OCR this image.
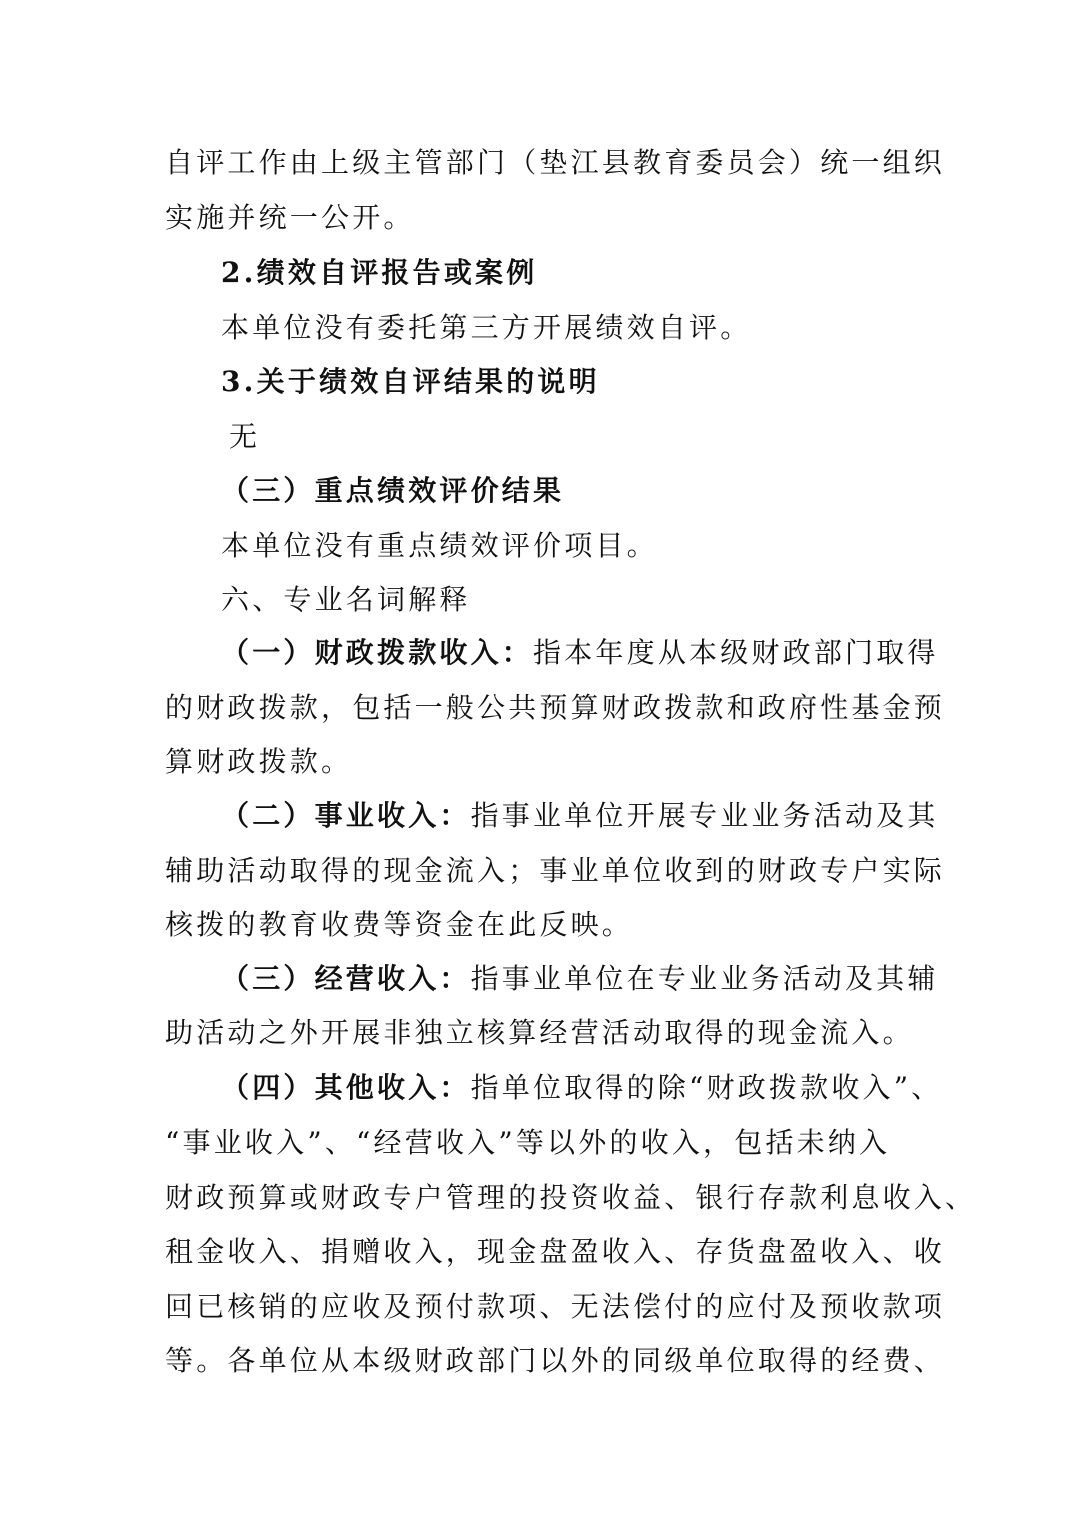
自评工作由上级主管部门（垫江县教育委员会）统一组织
实施并统一公开。
2.绩效自评报告或案例
本单位没有委托第三方开展绩效自评。
3.关于绩效自评结果的说明
无
（三）重点绩效评价结果
本单位没有重点绩效评价项目。
六、专业名词解释
（一）财政拨款收入：指本年度从本级财政部门取得
的财政拨款，包括一般公共预算财政拨款和政府性基金预
算财政拨款。
（二）事业收入：指事业单位开展专业业务活动及其
辅助活动取得的现金流入；事业单位收到的财政专户实际
核拨的教育收费等资金在此反映。
（三）经营收入：指事业单位在专业业务活动及其辅
助活动之外开展非独立核算经营活动取得的现金流入。
（四）其他收入：指单位取得的除“财政拨款收入”、
“事业收入”、“经营收入”等以外的收入，包括未纳入
财政预算或财政专户管理的投资收益、银行存款利息收入、
租金收入、捐赠收入，现金盘盈收入、存货盘盈收入、收
回已核销的应收及预付款项、无法偿付的应付及预收款项
等。各单位从本级财政部门以外的同级单位取得的经费、
